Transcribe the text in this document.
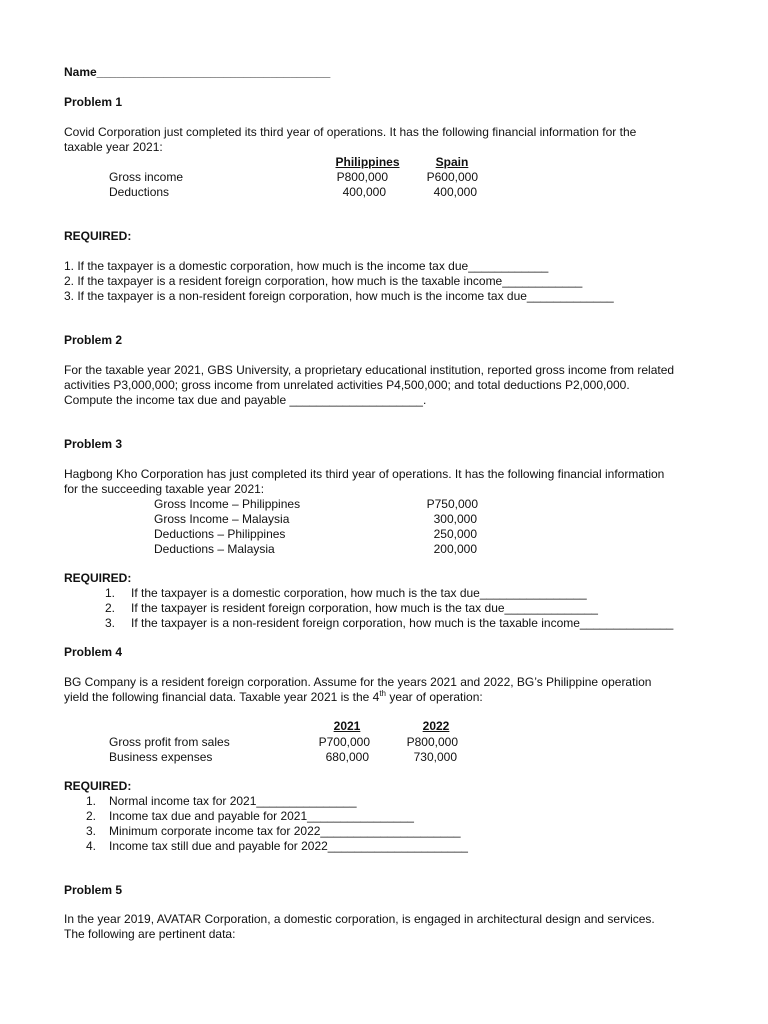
Name___________________________________

Problem 1

Covid Corporation just completed its third year of operations. It has the following financial information for the

taxable year 2021:

Philippines	Spain

Gross income	P800,000	P600,000

Deductions	400,000	400,000

REQUIRED:

1. If the taxpayer is a domestic corporation, how much is the income tax due____________

2. If the taxpayer is a resident foreign corporation, how much is the taxable income____________

3. If the taxpayer is a non-resident foreign corporation, how much is the income tax due_____________

Problem 2

For the taxable year 2021, GBS University, a proprietary educational institution, reported gross income from related

activities P3,000,000; gross income from unrelated activities P4,500,000; and total deductions P2,000,000.

Compute the income tax due and payable ____________________.

Problem 3

Hagbong Kho Corporation has just completed its third year of operations. It has the following financial information

for the succeeding taxable year 2021:

Gross Income – Philippines	P750,000

Gross Income – Malaysia	300,000

Deductions – Philippines	250,000

Deductions – Malaysia	200,000

REQUIRED:

1. If the taxpayer is a domestic corporation, how much is the tax due________________

2. If the taxpayer is resident foreign corporation, how much is the tax due______________

3. If the taxpayer is a non-resident foreign corporation, how much is the taxable income______________

Problem 4

BG Company is a resident foreign corporation. Assume for the years 2021 and 2022, BG’s Philippine operation

yield the following financial data. Taxable year 2021 is the 4th year of operation:

2021	2022

Gross profit from sales	P700,000	P800,000

Business expenses	680,000	730,000

REQUIRED:

1. Normal income tax for 2021_______________

2. Income tax due and payable for 2021________________

3. Minimum corporate income tax for 2022_____________________

4. Income tax still due and payable for 2022_____________________

Problem 5

In the year 2019, AVATAR Corporation, a domestic corporation, is engaged in architectural design and services.

The following are pertinent data:
